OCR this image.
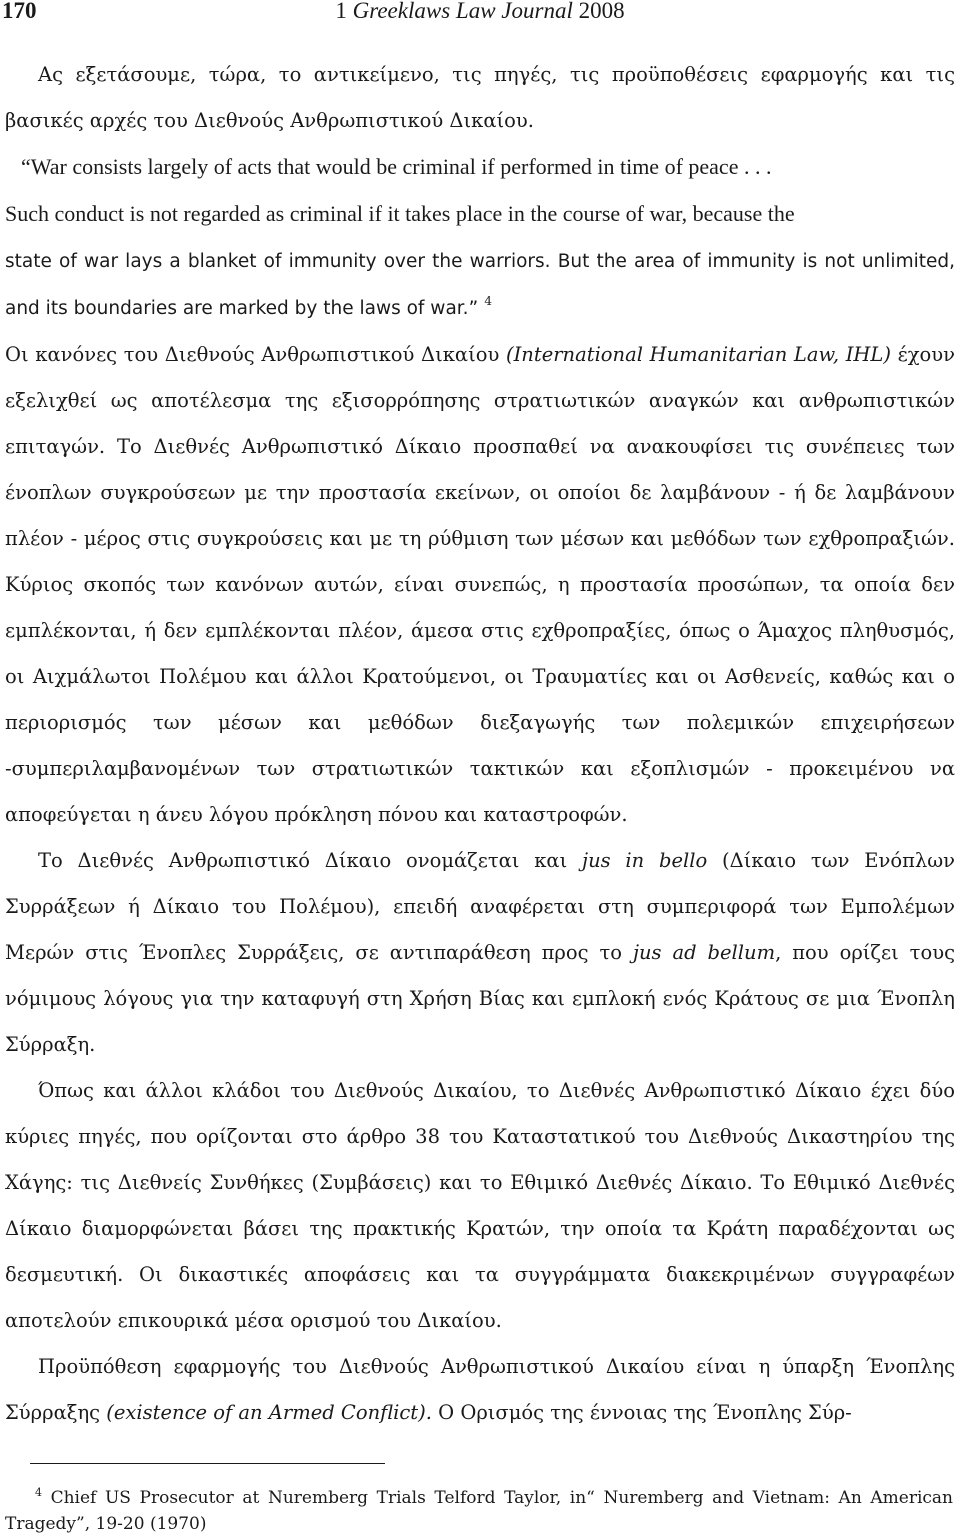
170	1 Greeklaws Law Journal 2008

Ας εξετάσουμε, τώρα, το αντικείμενο, τις πηγές, τις προϋποθέσεις εφαρμογής και τις βασικές αρχές του Διεθνούς Ανθρωπιστικού Δικαίου.

“War consists largely of acts that would be criminal if performed in time of peace . . .

Such conduct is not regarded as criminal if it takes place in the course of war, because the

state of war lays a blanket of immunity over the warriors. But the area of immunity is not unlimited, and its boundaries are marked by the laws of war.” $^4$

Οι κανόνες του Διεθνούς Ανθρωπιστικού Δικαίου (International Humanitarian Law, IHL) έχουν εξελιχθεί ως αποτέλεσμα της εξισορρόπησης στρατιωτικών αναγκών και ανθρωπιστικών επιταγών. Το Διεθνές Ανθρωπιστικό Δίκαιο προσπαθεί να ανακουφίσει τις συνέπειες των ένοπλων συγκρούσεων με την προστασία εκείνων, οι οποίοι δε λαμβάνουν - ή δε λαμβάνουν πλέον - μέρος στις συγκρούσεις και με τη ρύθμιση των μέσων και μεθόδων των εχθροπραξιών. Κύριος σκοπός των κανόνων αυτών, είναι συνεπώς, η προστασία προσώπων, τα οποία δεν εμπλέκονται, ή δεν εμπλέκονται πλέον, άμεσα στις εχθροπραξίες, όπως ο Άμαχος πληθυσμός, οι Αιχμάλωτοι Πολέμου και άλλοι Κρατούμενοι, οι Τραυματίες και οι Ασθενείς, καθώς και ο περιορισμός των μέσων και μεθόδων διεξαγωγής των πολεμικών επιχειρήσεων -συμπεριλαμβανομένων των στρατιωτικών τακτικών και εξοπλισμών - προκειμένου να αποφεύγεται η άνευ λόγου πρόκληση πόνου και καταστροφών.

Το Διεθνές Ανθρωπιστικό Δίκαιο ονομάζεται και jus in bello (Δίκαιο των Ενόπλων Συρράξεων ή Δίκαιο του Πολέμου), επειδή αναφέρεται στη συμπεριφορά των Εμπολέμων Μερών στις Ένοπλες Συρράξεις, σε αντιπαράθεση προς το jus ad bellum, που ορίζει τους νόμιμους λόγους για την καταφυγή στη Χρήση Βίας και εμπλοκή ενός Κράτους σε μια Ένοπλη Σύρραξη.

Όπως και άλλοι κλάδοι του Διεθνούς Δικαίου, το Διεθνές Ανθρωπιστικό Δίκαιο έχει δύο κύριες πηγές, που ορίζονται στο άρθρο 38 του Καταστατικού του Διεθνούς Δικαστηρίου της Χάγης: τις Διεθνείς Συνθήκες (Συμβάσεις) και το Εθιμικό Διεθνές Δίκαιο. Το Εθιμικό Διεθνές Δίκαιο διαμορφώνεται βάσει της πρακτικής Κρατών, την οποία τα Κράτη παραδέχονται ως δεσμευτική. Οι δικαστικές αποφάσεις και τα συγγράμματα διακεκριμένων συγγραφέων αποτελούν επικουρικά μέσα ορισμού του Δικαίου.

Προϋπόθεση εφαρμογής του Διεθνούς Ανθρωπιστικού Δικαίου είναι η ύπαρξη Ένοπλης Σύρραξης (existence of an Armed Conflict). Ο Ορισμός της έννοιας της Ένοπλης Σύρ-

$^4$ Chief US Prosecutor at Nuremberg Trials Telford Taylor, in“ Nuremberg and Vietnam: An American Tragedy”, 19-20 (1970)
